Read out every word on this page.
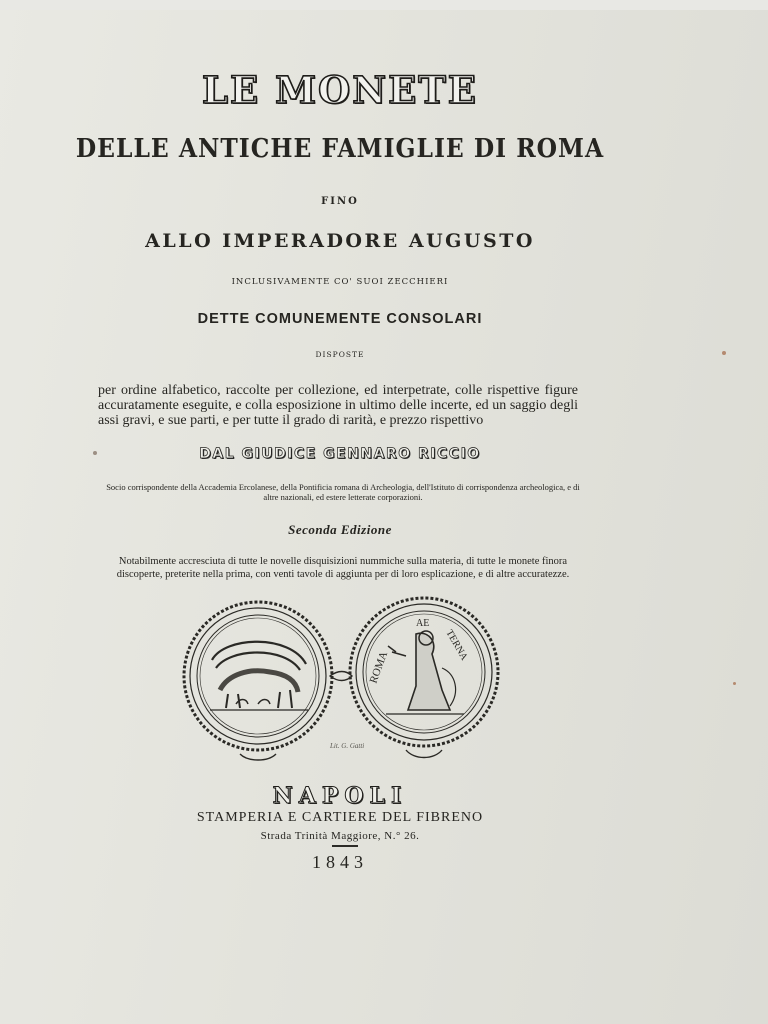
LE MONETE
DELLE ANTICHE FAMIGLIE DI ROMA
FINO
ALLO IMPERADORE AUGUSTO
INCLUSIVAMENTE CO' SUOI ZECCHIERI
DETTE COMUNEMENTE CONSOLARI
DISPOSTE
per ordine alfabetico, raccolte per collezione, ed interpetrate, colle rispettive figure accuratamente eseguite, e colla esposizione in ultimo delle incerte, ed un saggio degli assi gravi, e sue parti, e per tutte il grado di rarità, e prezzo rispettivo
DAL GIUDICE GENNARO RICCIO
Socio corrispondente della Accademia Ercolanese, della Pontificia romana di Archeologia, dell'Istituto di corrispondenza archeologica, e di altre nazionali, ed estere letterate corporazioni.
Seconda Edizione
Notabilmente accresciuta di tutte le novelle disquisizioni nummiche sulla materia, di tutte le monete finora discoperte, preterite nella prima, con venti tavole di aggiunta per di loro esplicazione, e di altre accuratezze.
ROMA
AE
TERNA
Lit. G. Gatti
NAPOLI
STAMPERIA E CARTIERE DEL FIBRENO
Strada Trinità Maggiore, N.° 26.
1843
